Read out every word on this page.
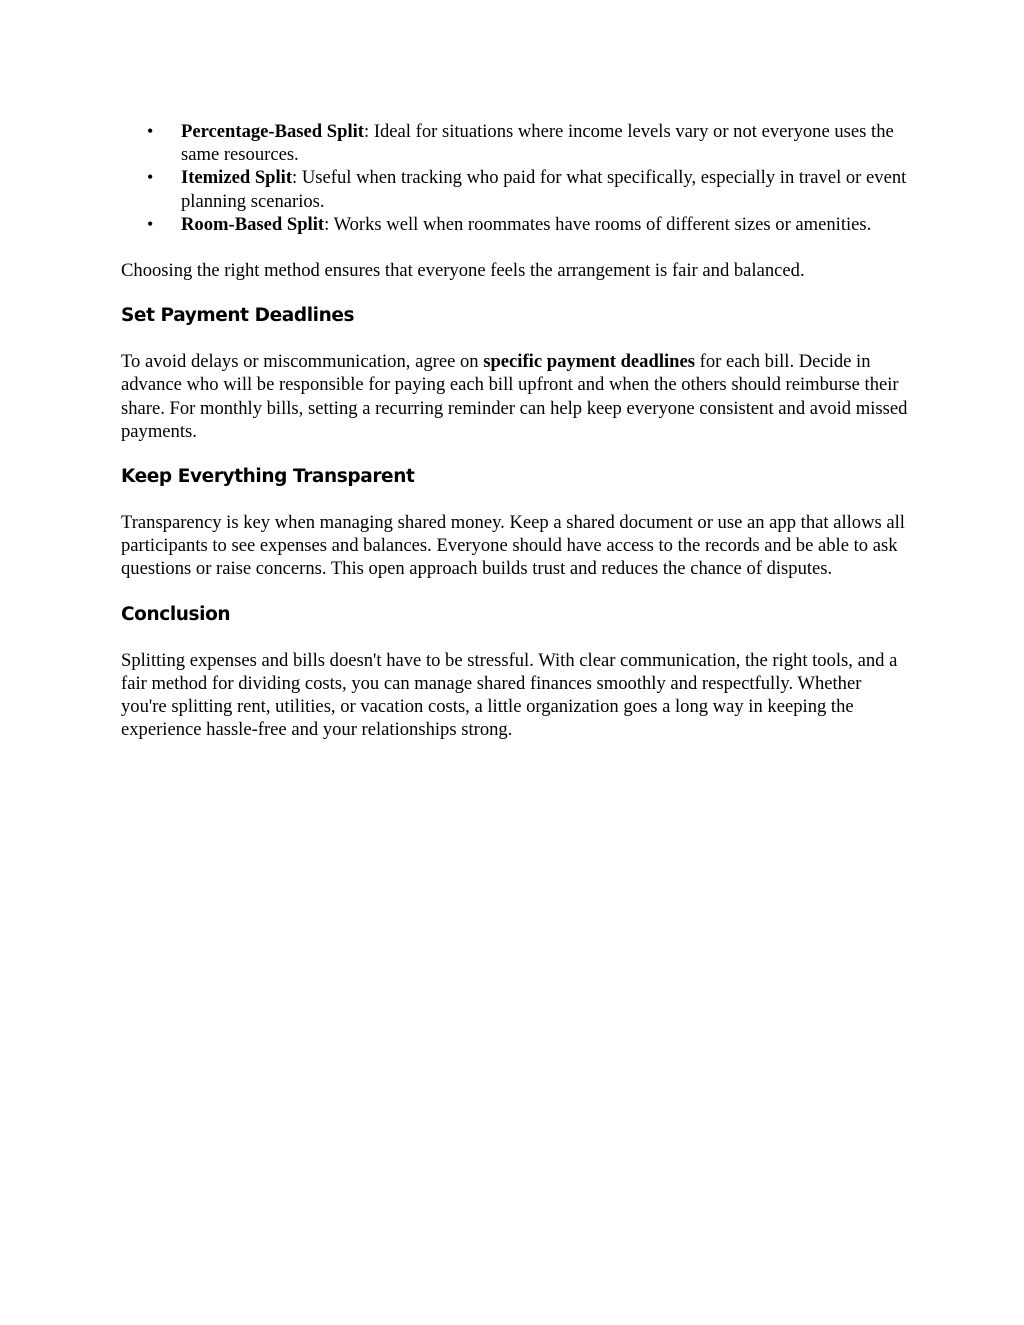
• Percentage-Based Split: Ideal for situations where income levels vary or not everyone uses the same resources.
• Itemized Split: Useful when tracking who paid for what specifically, especially in travel or event planning scenarios.
• Room-Based Split: Works well when roommates have rooms of different sizes or amenities.

Choosing the right method ensures that everyone feels the arrangement is fair and balanced.

Set Payment Deadlines

To avoid delays or miscommunication, agree on specific payment deadlines for each bill. Decide in advance who will be responsible for paying each bill upfront and when the others should reimburse their share. For monthly bills, setting a recurring reminder can help keep everyone consistent and avoid missed payments.

Keep Everything Transparent

Transparency is key when managing shared money. Keep a shared document or use an app that allows all participants to see expenses and balances. Everyone should have access to the records and be able to ask questions or raise concerns. This open approach builds trust and reduces the chance of disputes.

Conclusion

Splitting expenses and bills doesn't have to be stressful. With clear communication, the right tools, and a fair method for dividing costs, you can manage shared finances smoothly and respectfully. Whether you're splitting rent, utilities, or vacation costs, a little organization goes a long way in keeping the experience hassle-free and your relationships strong.
